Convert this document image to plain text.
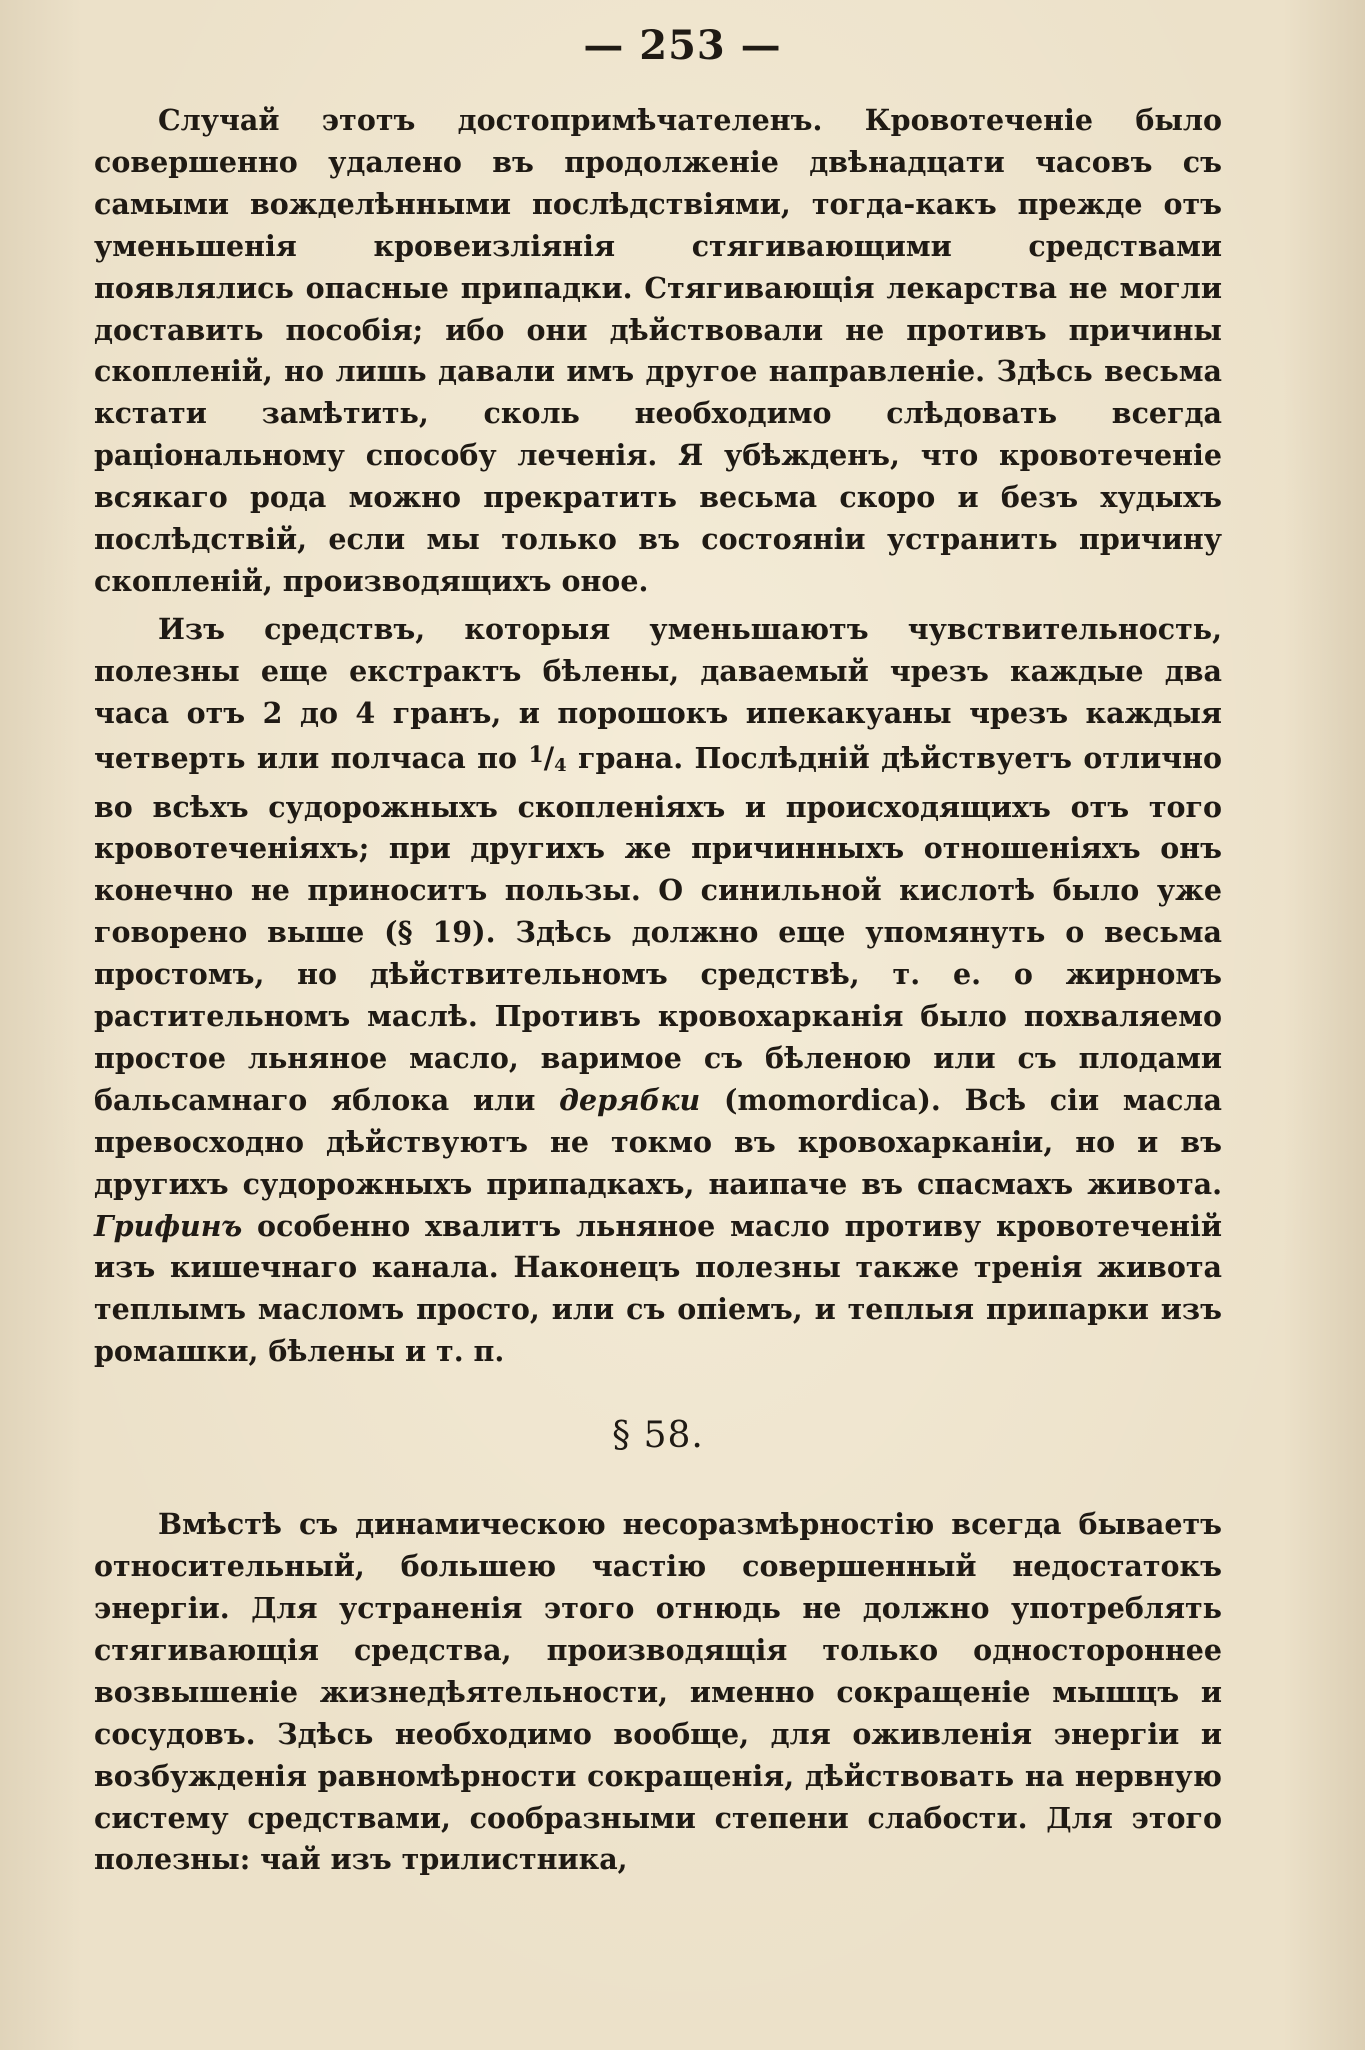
— 253 —

Случай этотъ достопримѣчателенъ. Кровотеченіе было совершенно удалено въ продолженіе двѣнадцати часовъ съ самыми вожделѣнными послѣдствіями, тогда-какъ прежде отъ уменьшенія кровеизліянія стягивающими средствами появлялись опасные припадки. Стягивающія лекарства не могли доставить пособія; ибо они дѣйствовали не противъ причины скопленій, но лишь давали имъ другое направленіе. Здѣсь весьма кстати замѣтить, сколь необходимо слѣдовать всегда раціональному способу леченія. Я убѣжденъ, что кровотеченіе всякаго рода можно прекратить весьма скоро и безъ худыхъ послѣдствій, если мы только въ состояніи устранить причину скопленій, производящихъ оное.

Изъ средствъ, которыя уменьшаютъ чувствительность, полезны еще екстрактъ бѣлены, даваемый чрезъ каждые два часа отъ 2 до 4 гранъ, и порошокъ ипекакуаны чрезъ каждыя четверть или полчаса по $^1$/4 грана. Послѣдній дѣйствуетъ отлично во всѣхъ судорожныхъ скопленіяхъ и происходящихъ отъ того кровотеченіяхъ; при другихъ же причинныхъ отношеніяхъ онъ конечно не приноситъ пользы. О синильной кислотѣ было уже говорено выше (§ 19). Здѣсь должно еще упомянуть о весьма простомъ, но дѣйствительномъ средствѣ, т. е. о жирномъ растительномъ маслѣ. Противъ кровохарканія было похваляемо простое льняное масло, варимое съ бѣленою или съ плодами бальсамнаго яблока или дерябки (momordica). Всѣ сіи масла превосходно дѣйствуютъ не токмо въ кровохарканіи, но и въ другихъ судорожныхъ припадкахъ, наипаче въ спасмахъ живота. Грифинъ особенно хвалитъ льняное масло противу кровотеченій изъ кишечнаго канала. Наконецъ полезны также тренія живота теплымъ масломъ просто, или съ опіемъ, и теплыя припарки изъ ромашки, бѣлены и т. п.

§ 58.

Вмѣстѣ съ динамическою несоразмѣрностію всегда бываетъ относительный, большею частію совершенный недостатокъ энергіи. Для устраненія этого отнюдь не должно употреблять стягивающія средства, производящія только одностороннее возвышеніе жизнедѣятельности, именно сокращеніе мышцъ и сосудовъ. Здѣсь необходимо вообще, для оживленія энергіи и возбужденія равномѣрности сокращенія, дѣйствовать на нервную систему средствами, сообразными степени слабости. Для этого полезны: чай изъ трилистника,
